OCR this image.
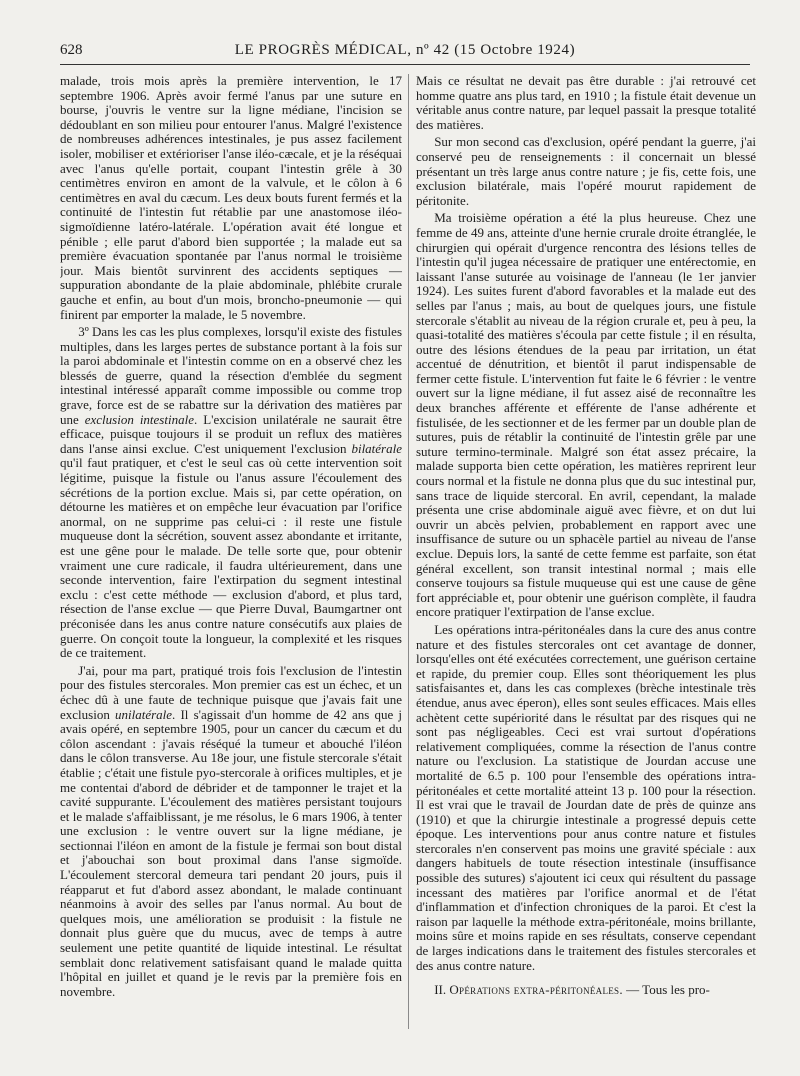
628	LE PROGRÈS MÉDICAL, nº 42 (15 Octobre 1924)

malade, trois mois après la première intervention, le 17 septembre 1906. Après avoir fermé l'anus par une suture en bourse, j'ouvris le ventre sur la ligne médiane, l'incision se dédoublant en son milieu pour entourer l'anus. Malgré l'existence de nombreuses adhérences intestinales, je pus assez facilement isoler, mobiliser et extérioriser l'anse iléo-cæcale, et je la réséquai avec l'anus qu'elle portait, coupant l'intestin grêle à 30 centimètres environ en amont de la valvule, et le côlon à 6 centimètres en aval du cæcum. Les deux bouts furent fermés et la continuité de l'intestin fut rétablie par une anastomose iléo-sigmoïdienne latéro-latérale. L'opération avait été longue et pénible ; elle parut d'abord bien supportée ; la malade eut sa première évacuation spontanée par l'anus normal le troisième jour. Mais bientôt survinrent des accidents septiques — suppuration abondante de la plaie abdominale, phlébite crurale gauche et enfin, au bout d'un mois, broncho-pneumonie — qui finirent par emporter la malade, le 5 novembre.

3º Dans les cas les plus complexes, lorsqu'il existe des fistules multiples, dans les larges pertes de substance portant à la fois sur la paroi abdominale et l'intestin comme on en a observé chez les blessés de guerre, quand la résection d'emblée du segment intestinal intéressé apparaît comme impossible ou comme trop grave, force est de se rabattre sur la dérivation des matières par une exclusion intestinale. L'excision unilatérale ne saurait être efficace, puisque toujours il se produit un reflux des matières dans l'anse ainsi exclue. C'est uniquement l'exclusion bilatérale qu'il faut pratiquer, et c'est le seul cas où cette intervention soit légitime, puisque la fistule ou l'anus assure l'écoulement des sécrétions de la portion exclue. Mais si, par cette opération, on détourne les matières et on empêche leur évacuation par l'orifice anormal, on ne supprime pas celui-ci : il reste une fistule muqueuse dont la sécrétion, souvent assez abondante et irritante, est une gêne pour le malade. De telle sorte que, pour obtenir vraiment une cure radicale, il faudra ultérieurement, dans une seconde intervention, faire l'extirpation du segment intestinal exclu : c'est cette méthode — exclusion d'abord, et plus tard, résection de l'anse exclue — que Pierre Duval, Baumgartner ont préconisée dans les anus contre nature consécutifs aux plaies de guerre. On conçoit toute la longueur, la complexité et les risques de ce traitement.

J'ai, pour ma part, pratiqué trois fois l'exclusion de l'intestin pour des fistules stercorales. Mon premier cas est un échec, et un échec dû à une faute de technique puisque que j'avais fait une exclusion unilatérale. Il s'agissait d'un homme de 42 ans que j avais opéré, en septembre 1905, pour un cancer du cæcum et du côlon ascendant : j'avais réséqué la tumeur et abouché l'iléon dans le côlon transverse. Au 18e jour, une fistule stercorale s'était établie ; c'était une fistule pyo-stercorale à orifices multiples, et je me contentai d'abord de débrider et de tamponner le trajet et la cavité suppurante. L'écoulement des matières persistant toujours et le malade s'affaiblissant, je me résolus, le 6 mars 1906, à tenter une exclusion : le ventre ouvert sur la ligne médiane, je sectionnai l'iléon en amont de la fistule je fermai son bout distal et j'abouchai son bout proximal dans l'anse sigmoïde. L'écoulement stercoral demeura tari pendant 20 jours, puis il réapparut et fut d'abord assez abondant, le malade continuant néanmoins à avoir des selles par l'anus normal. Au bout de quelques mois, une amélioration se produisit : la fistule ne donnait plus guère que du mucus, avec de temps à autre seulement une petite quantité de liquide intestinal. Le résultat semblait donc relativement satisfaisant quand le malade quitta l'hôpital en juillet et quand je le revis par la première fois en novembre.

Mais ce résultat ne devait pas être durable : j'ai retrouvé cet homme quatre ans plus tard, en 1910 ; la fistule était devenue un véritable anus contre nature, par lequel passait la presque totalité des matières.

Sur mon second cas d'exclusion, opéré pendant la guerre, j'ai conservé peu de renseignements : il concernait un blessé présentant un très large anus contre nature ; je fis, cette fois, une exclusion bilatérale, mais l'opéré mourut rapidement de péritonite.

Ma troisième opération a été la plus heureuse. Chez une femme de 49 ans, atteinte d'une hernie crurale droite étranglée, le chirurgien qui opérait d'urgence rencontra des lésions telles de l'intestin qu'il jugea nécessaire de pratiquer une entérectomie, en laissant l'anse suturée au voisinage de l'anneau (le 1er janvier 1924). Les suites furent d'abord favorables et la malade eut des selles par l'anus ; mais, au bout de quelques jours, une fistule stercorale s'établit au niveau de la région crurale et, peu à peu, la quasi-totalité des matières s'écoula par cette fistule ; il en résulta, outre des lésions étendues de la peau par irritation, un état accentué de dénutrition, et bientôt il parut indispensable de fermer cette fistule. L'intervention fut faite le 6 février : le ventre ouvert sur la ligne médiane, il fut assez aisé de reconnaître les deux branches afférente et efférente de l'anse adhérente et fistulisée, de les sectionner et de les fermer par un double plan de sutures, puis de rétablir la continuité de l'intestin grêle par une suture termino-terminale. Malgré son état assez précaire, la malade supporta bien cette opération, les matières reprirent leur cours normal et la fistule ne donna plus que du suc intestinal pur, sans trace de liquide stercoral. En avril, cependant, la malade présenta une crise abdominale aiguë avec fièvre, et on dut lui ouvrir un abcès pelvien, probablement en rapport avec une insuffisance de suture ou un sphacèle partiel au niveau de l'anse exclue. Depuis lors, la santé de cette femme est parfaite, son état général excellent, son transit intestinal normal ; mais elle conserve toujours sa fistule muqueuse qui est une cause de gêne fort appréciable et, pour obtenir une guérison complète, il faudra encore pratiquer l'extirpation de l'anse exclue.

Les opérations intra-péritonéales dans la cure des anus contre nature et des fistules stercorales ont cet avantage de donner, lorsqu'elles ont été exécutées correctement, une guérison certaine et rapide, du premier coup. Elles sont théoriquement les plus satisfaisantes et, dans les cas complexes (brèche intestinale très étendue, anus avec éperon), elles sont seules efficaces. Mais elles achètent cette supériorité dans le résultat par des risques qui ne sont pas négligeables. Ceci est vrai surtout d'opérations relativement compliquées, comme la résection de l'anus contre nature ou l'exclusion. La statistique de Jourdan accuse une mortalité de 6.5 p. 100 pour l'ensemble des opérations intra-péritonéales et cette mortalité atteint 13 p. 100 pour la résection. Il est vrai que le travail de Jourdan date de près de quinze ans (1910) et que la chirurgie intestinale a progressé depuis cette époque. Les interventions pour anus contre nature et fistules stercorales n'en conservent pas moins une gravité spéciale : aux dangers habituels de toute résection intestinale (insuffisance possible des sutures) s'ajoutent ici ceux qui résultent du passage incessant des matières par l'orifice anormal et de l'état d'inflammation et d'infection chroniques de la paroi. Et c'est la raison par laquelle la méthode extra-péritonéale, moins brillante, moins sûre et moins rapide en ses résultats, conserve cependant de larges indications dans le traitement des fistules stercorales et des anus contre nature.

II. Opérations extra-péritonéales. — Tous les pro-
